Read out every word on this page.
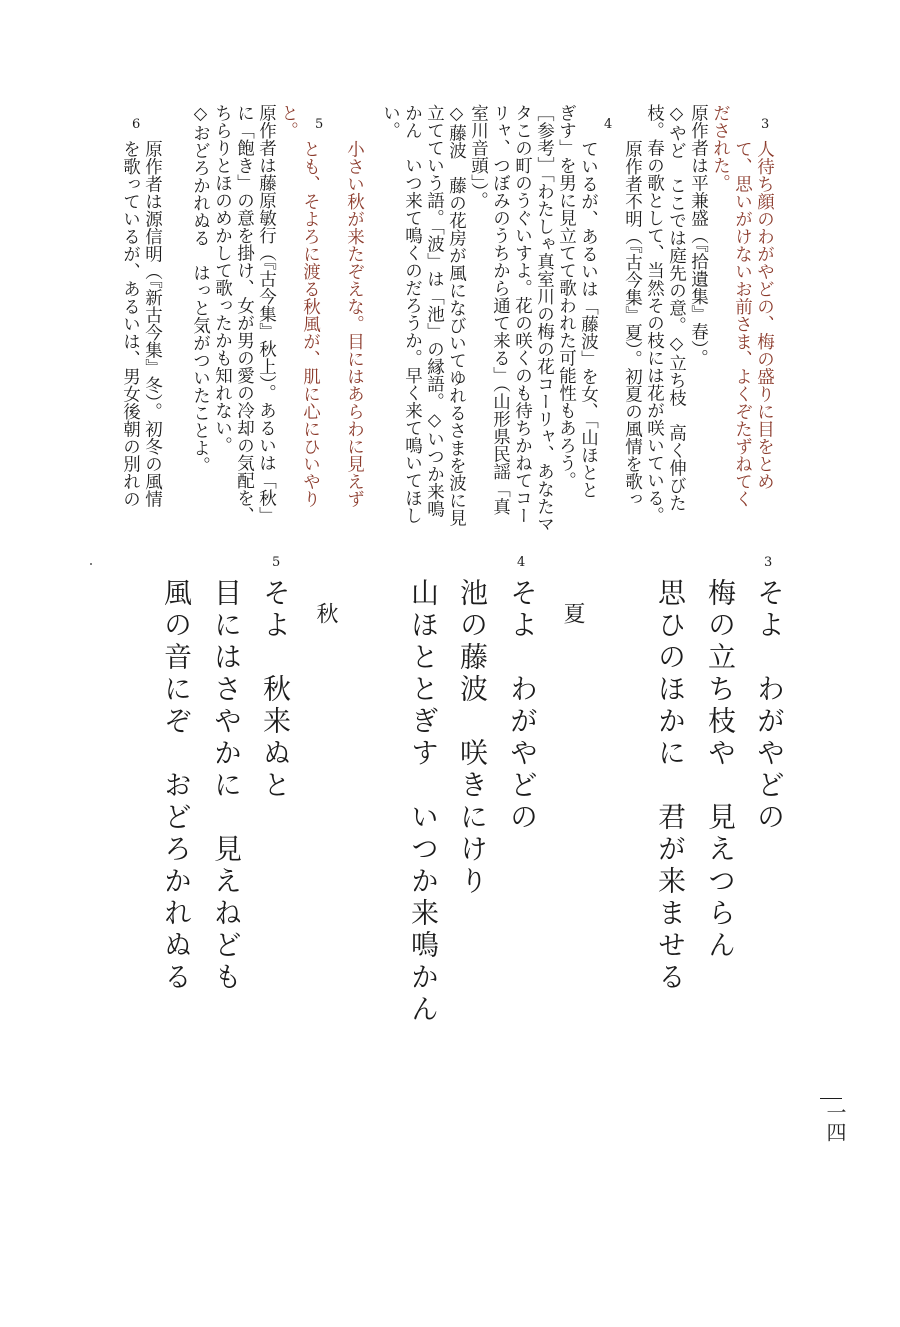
3
人待ち顔のわがやどの、梅の盛りに目をとめ
て、思いがけないお前さま、よくぞたずねてく
だされた。
原作者は平兼盛（『拾遺集』春）。
◇やど　ここでは庭先の意。◇立ち枝　高く伸びた
枝。春の歌として、当然その枝には花が咲いている。
4
原作者不明（『古今集』夏）。初夏の風情を歌っ
ているが、あるいは「藤波」を女、「山ほとと
ぎす」を男に見立てて歌われた可能性もあろう。
［参考］「わたしゃ真室川の梅の花コーリャ、あなたマ
タこの町のうぐいすよ。花の咲くのも待ちかねてコー
リャ、つぼみのうちから通て来る」（山形県民謡「真
室川音頭」）。
◇藤波　藤の花房が風になびいてゆれるさまを波に見
立てていう語。「波」は「池」の縁語。◇いつか来鳴
かん　いつ来て鳴くのだろうか。早く来て鳴いてほし
い。
5
小さい秋が来たぞえな。目にはあらわに見えず
とも、そよろに渡る秋風が、肌に心にひいやり
と。
原作者は藤原敏行（『古今集』秋上）。あるいは「秋」
に「飽き」の意を掛け、女が男の愛の冷却の気配を、
ちらりとほのめかして歌ったかも知れない。
◇おどろかれぬる　はっと気がついたことよ。
6
原作者は源信明（『新古今集』冬）。初冬の風情
を歌っているが、あるいは、男女後朝の別れの
3
そよ　わがやどの
梅の立ち枝や　見えつらん
思ひのほかに　君が来ませる
夏
4
そよ　わがやどの
池の藤波　咲きにけり
山ほととぎす　いつか来鳴かん
秋
5
そよ　秋来ぬと
目にはさやかに　見えねども
風の音にぞ　おどろかれぬる
一四
